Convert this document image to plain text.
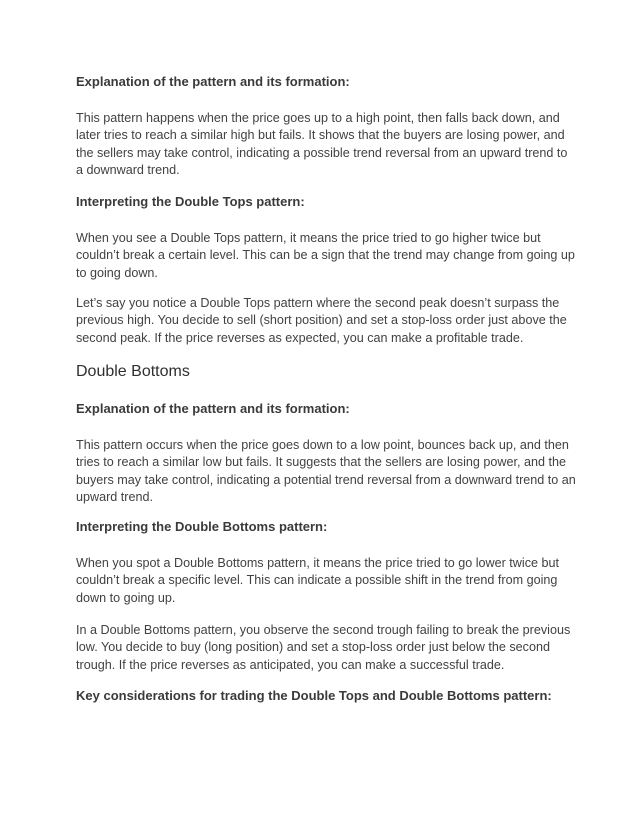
Explanation of the pattern and its formation:

This pattern happens when the price goes up to a high point, then falls back down, and later tries to reach a similar high but fails. It shows that the buyers are losing power, and the sellers may take control, indicating a possible trend reversal from an upward trend to a downward trend.

Interpreting the Double Tops pattern:

When you see a Double Tops pattern, it means the price tried to go higher twice but couldn’t break a certain level. This can be a sign that the trend may change from going up to going down.

Let’s say you notice a Double Tops pattern where the second peak doesn’t surpass the previous high. You decide to sell (short position) and set a stop-loss order just above the second peak. If the price reverses as expected, you can make a profitable trade.

Double Bottoms

Explanation of the pattern and its formation:

This pattern occurs when the price goes down to a low point, bounces back up, and then tries to reach a similar low but fails. It suggests that the sellers are losing power, and the buyers may take control, indicating a potential trend reversal from a downward trend to an upward trend.

Interpreting the Double Bottoms pattern:

When you spot a Double Bottoms pattern, it means the price tried to go lower twice but couldn’t break a specific level. This can indicate a possible shift in the trend from going down to going up.

In a Double Bottoms pattern, you observe the second trough failing to break the previous low. You decide to buy (long position) and set a stop-loss order just below the second trough. If the price reverses as anticipated, you can make a successful trade.

Key considerations for trading the Double Tops and Double Bottoms pattern:
